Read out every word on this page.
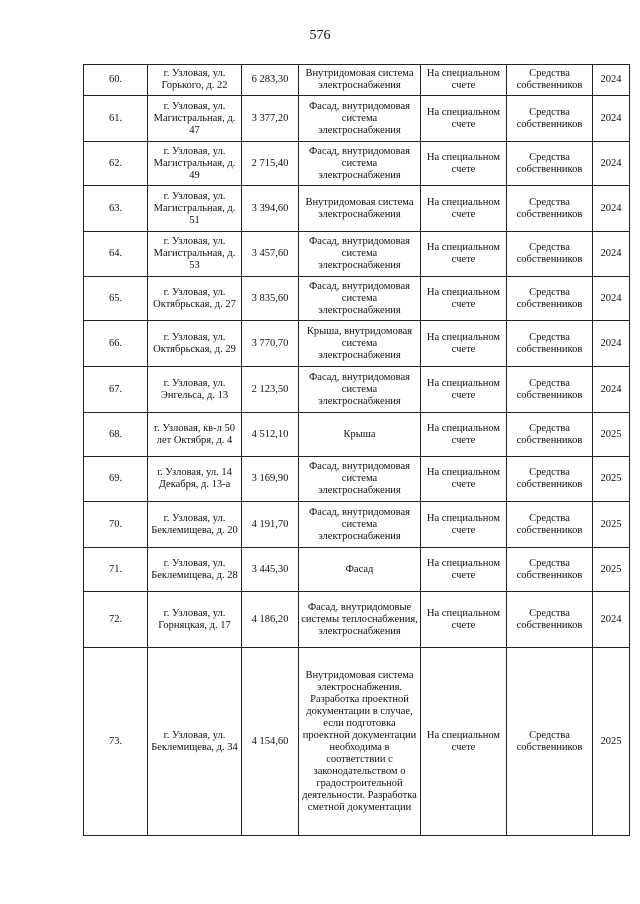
576
60.	г. Узловая, ул. Горького, д. 22	6 283,30	Внутридомовая система электроснабжения	На специальном счете	Средства собственников	2024
61.	г. Узловая, ул. Магистральная, д. 47	3 377,20	Фасад, внутридомовая система электроснабжения	На специальном счете	Средства собственников	2024
62.	г. Узловая, ул. Магистральная, д. 49	2 715,40	Фасад, внутридомовая система электроснабжения	На специальном счете	Средства собственников	2024
63.	г. Узловая, ул. Магистральная, д. 51	3 394,60	Внутридомовая система электроснабжения	На специальном счете	Средства собственников	2024
64.	г. Узловая, ул. Магистральная, д. 53	3 457,60	Фасад, внутридомовая система электроснабжения	На специальном счете	Средства собственников	2024
65.	г. Узловая, ул. Октябрьская, д. 27	3 835,60	Фасад, внутридомовая система электроснабжения	На специальном счете	Средства собственников	2024
66.	г. Узловая, ул. Октябрьская, д. 29	3 770,70	Крыша, внутридомовая система электроснабжения	На специальном счете	Средства собственников	2024
67.	г. Узловая, ул. Энгельса, д. 13	2 123,50	Фасад, внутридомовая система электроснабжения	На специальном счете	Средства собственников	2024
68.	г. Узловая, кв-л 50 лет Октября, д. 4	4 512,10	Крыша	На специальном счете	Средства собственников	2025
69.	г. Узловая, ул. 14 Декабря, д. 13-а	3 169,90	Фасад, внутридомовая система электроснабжения	На специальном счете	Средства собственников	2025
70.	г. Узловая, ул. Беклемищева, д. 20	4 191,70	Фасад, внутридомовая система электроснабжения	На специальном счете	Средства собственников	2025
71.	г. Узловая, ул. Беклемищева, д. 28	3 445,30	Фасад	На специальном счете	Средства собственников	2025
72.	г. Узловая, ул. Горняцкая, д. 17	4 186,20	Фасад, внутридомовые системы теплоснабжения, электроснабжения	На специальном счете	Средства собственников	2024
73.	г. Узловая, ул. Беклемищева, д. 34	4 154,60	Внутридомовая система электроснабжения. Разработка проектной документации в случае, если подготовка проектной документации необходима в соответствии с законодательством о градостроительной деятельности. Разработка сметной документации	На специальном счете	Средства собственников	2025
